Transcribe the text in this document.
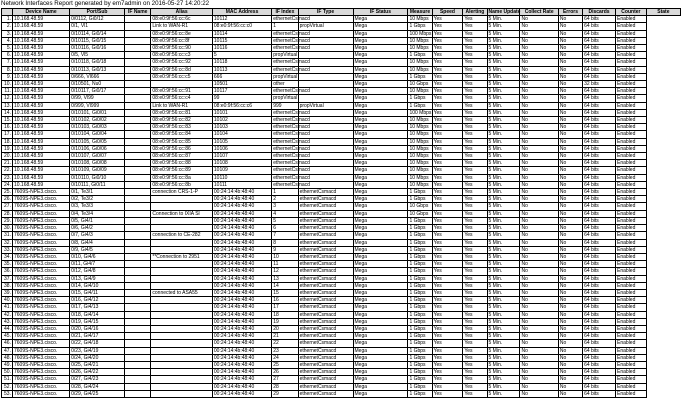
Network Interfaces Report generated by em7admin on 2016-05-27 14:20:22
	Device Name	Port/Sub	IF Name	Alias	MAC Address	IF Index	IF Type	IF Status	Measure	Speed	Alerting	Name Update	Collect Rate	Errors	Discards	Counter	State
1.	10.168.48.59	0/0112, Gi0/12		08:e0:9f:56:cc:6c	10112	ethernetCsmacd		Mega	10 Mbps	Yes	Yes	5 Min.	No	No	64 bits	Enabled	
2.	10.168.48.59	0/1, Vl1		Link to WAN-R1	08:e0:9f:56:cc:c0	1	propVirtual	Mega	1 Gbps	Yes	Yes	5 Min.	No	No	64 bits	Enabled	
3.	10.168.48.59	0/10114, Gi0/14		08:e0:9f:56:cc:8e	10114	ethernetCsmacd		Mega	100 Mbps	Yes	Yes	5 Min.	No	No	64 bits	Enabled	
4.	10.168.48.59	0/10115, Gi0/15		08:e0:9f:56:cc:8f	10115	ethernetCsmacd		Mega	10 Mbps	Yes	Yes	5 Min.	No	No	64 bits	Enabled	
5.	10.168.48.59	0/10116, Gi0/16		08:e0:9f:56:cc:90	10116	ethernetCsmacd		Mega	10 Mbps	Yes	Yes	5 Min.	No	No	64 bits	Enabled	
6.	10.168.48.59	0/5, Vl5		08:e0:9f:56:cc:c3	5	propVirtual		Mega	1 Gbps	Yes	Yes	5 Min.	No	No	64 bits	Enabled	
7.	10.168.48.59	0/10118, Gi0/18		08:e0:9f:56:cc:92	10118	ethernetCsmacd		Mega	10 Mbps	Yes	Yes	5 Min.	No	No	64 bits	Enabled	
8.	10.168.48.59	0/10113, Gi0/13		08:e0:9f:56:cc:8d	10113	ethernetCsmacd		Mega	10 Mbps	Yes	Yes	5 Min.	No	No	64 bits	Enabled	
9.	10.168.48.59	0/666, Vl666		08:e0:9f:56:cc:c5	666	propVirtual		Mega	1 Gbps	Yes	Yes	5 Min.	No	No	64 bits	Enabled	
10.	10.168.48.59	0/10501, Nu0			10501	other		Mega	10 Gbps	Yes	Yes	5 Min.	No	No	32 bits	Enabled	
11.	10.168.48.59	0/10117, Gi0/17		08:e0:9f:56:cc:91	10117	ethernetCsmacd		Mega	10 Mbps	Yes	Yes	5 Min.	No	No	64 bits	Enabled	
12.	10.168.48.59	0/99, Vl99		08:e0:9f:56:cc:c4	99	propVirtual		Mega	1 Gbps	Yes	Yes	5 Min.	No	No	64 bits	Enabled	
13.	10.168.48.59	0/999, Vl999		Link to WAN-R1	08:e0:9f:56:cc:c6	999	propVirtual	Mega	1 Gbps	Yes	Yes	5 Min.	No	No	64 bits	Enabled	
14.	10.168.48.59	0/10101, Gi0/01		08:e0:9f:56:cc:81	10101	ethernetCsmacd		Mega	100 Mbps	Yes	Yes	5 Min.	No	No	64 bits	Enabled	
15.	10.168.48.59	0/10102, Gi0/02		08:e0:9f:56:cc:82	10102	ethernetCsmacd		Mega	10 Mbps	Yes	Yes	5 Min.	No	No	64 bits	Enabled	
16.	10.168.48.59	0/10103, Gi0/03		08:e0:9f:56:cc:83	10103	ethernetCsmacd		Mega	10 Mbps	Yes	Yes	5 Min.	No	No	64 bits	Enabled	
17.	10.168.48.59	0/10104, Gi0/04		08:e0:9f:56:cc:84	10104	ethernetCsmacd		Mega	10 Mbps	Yes	Yes	5 Min.	No	No	64 bits	Enabled	
18.	10.168.48.59	0/10105, Gi0/05		08:e0:9f:56:cc:85	10105	ethernetCsmacd		Mega	10 Mbps	Yes	Yes	5 Min.	No	No	64 bits	Enabled	
19.	10.168.48.59	0/10106, Gi0/06		08:e0:9f:56:cc:86	10106	ethernetCsmacd		Mega	10 Mbps	Yes	Yes	5 Min.	No	No	64 bits	Enabled	
20.	10.168.48.59	0/10107, Gi0/07		08:e0:9f:56:cc:87	10107	ethernetCsmacd		Mega	10 Mbps	Yes	Yes	5 Min.	No	No	64 bits	Enabled	
21.	10.168.48.59	0/10108, Gi0/08		08:e0:9f:56:cc:88	10108	ethernetCsmacd		Mega	10 Mbps	Yes	Yes	5 Min.	No	No	64 bits	Enabled	
22.	10.168.48.59	0/10109, Gi0/09		08:e0:9f:56:cc:89	10109	ethernetCsmacd		Mega	10 Mbps	Yes	Yes	5 Min.	No	No	64 bits	Enabled	
23.	10.168.48.59	0/10110, Gi0/10		08:e0:9f:56:cc:8a	10110	ethernetCsmacd		Mega	10 Mbps	Yes	Yes	5 Min.	No	No	64 bits	Enabled	
24.	10.168.48.59	0/10111, Gi0/11		08:e0:9f:56:cc:8b	10111	ethernetCsmacd		Mega	10 Mbps	Yes	Yes	5 Min.	No	No	64 bits	Enabled	
25.	7609S-NPE3.cisco.	0/1, Te3/1		connection CRS-1-P	00:24:14:4b:48:40	1	ethernetCsmacd	Mega	1 Gbps	Yes	Yes	5 Min.	No	No	64 bits	Enabled	
26.	7609S-NPE3.cisco.	0/2, Te3/2			00:24:14:4b:48:40	2	ethernetCsmacd	Mega	1 Gbps	Yes	Yes	5 Min.	No	No	64 bits	Enabled	
27.	7609S-NPE3.cisco.	0/3, Te3/3			00:24:14:4b:48:40	3	ethernetCsmacd	Mega	10 Gbps	Yes	Yes	5 Min.	No	No	64 bits	Enabled	
28.	7609S-NPE3.cisco.	0/4, Te3/4		Connection to IXIA Sl	00:24:14:4b:48:40	4	ethernetCsmacd	Mega	10 Gbps	Yes	Yes	5 Min.	No	No	64 bits	Enabled	
29.	7609S-NPE3.cisco.	0/5, Gi4/1			00:24:14:4b:48:40	5	ethernetCsmacd	Mega	1 Gbps	Yes	Yes	5 Min.	No	No	64 bits	Enabled	
30.	7609S-NPE3.cisco.	0/6, Gi4/2			00:24:14:4b:48:40	6	ethernetCsmacd	Mega	1 Gbps	Yes	Yes	5 Min.	No	No	64 bits	Enabled	
31.	7609S-NPE3.cisco.	0/7, Gi4/3		connection to CE-282	00:24:14:4b:48:40	7	ethernetCsmacd	Mega	1 Gbps	Yes	Yes	5 Min.	No	No	64 bits	Enabled	
32.	7609S-NPE3.cisco.	0/8, Gi4/4			00:24:14:4b:48:40	8	ethernetCsmacd	Mega	1 Gbps	Yes	Yes	5 Min.	No	No	64 bits	Enabled	
33.	7609S-NPE3.cisco.	0/9, Gi4/5			00:24:14:4b:48:40	9	ethernetCsmacd	Mega	1 Gbps	Yes	Yes	5 Min.	No	No	64 bits	Enabled	
34.	7609S-NPE3.cisco.	0/10, Gi4/6		**Connection to 2951	00:24:14:4b:48:40	10	ethernetCsmacd	Mega	1 Gbps	Yes	Yes	5 Min.	No	No	64 bits	Enabled	
35.	7609S-NPE3.cisco.	0/11, Gi4/7			00:24:14:4b:48:40	11	ethernetCsmacd	Mega	1 Gbps	Yes	Yes	5 Min.	No	No	64 bits	Enabled	
36.	7609S-NPE3.cisco.	0/12, Gi4/8			00:24:14:4b:48:40	12	ethernetCsmacd	Mega	1 Gbps	Yes	Yes	5 Min.	No	No	64 bits	Enabled	
37.	7609S-NPE3.cisco.	0/13, Gi4/9			00:24:14:4b:48:40	13	ethernetCsmacd	Mega	1 Gbps	Yes	Yes	5 Min.	No	No	64 bits	Enabled	
38.	7609S-NPE3.cisco.	0/14, Gi4/10			00:24:14:4b:48:40	14	ethernetCsmacd	Mega	1 Gbps	Yes	Yes	5 Min.	No	No	64 bits	Enabled	
39.	7609S-NPE3.cisco.	0/15, Gi4/11		connected to ASA55	00:24:14:4b:48:40	15	ethernetCsmacd	Mega	1 Gbps	Yes	Yes	5 Min.	No	No	64 bits	Enabled	
40.	7609S-NPE3.cisco.	0/16, Gi4/12			00:24:14:4b:48:40	16	ethernetCsmacd	Mega	1 Gbps	Yes	Yes	5 Min.	No	No	64 bits	Enabled	
41.	7609S-NPE3.cisco.	0/17, Gi4/13			00:24:14:4b:48:40	17	ethernetCsmacd	Mega	1 Gbps	Yes	Yes	5 Min.	No	No	64 bits	Enabled	
42.	7609S-NPE3.cisco.	0/18, Gi4/14			00:24:14:4b:48:40	18	ethernetCsmacd	Mega	1 Gbps	Yes	Yes	5 Min.	No	No	64 bits	Enabled	
43.	7609S-NPE3.cisco.	0/19, Gi4/15			00:24:14:4b:48:40	19	ethernetCsmacd	Mega	1 Gbps	Yes	Yes	5 Min.	No	No	64 bits	Enabled	
44.	7609S-NPE3.cisco.	0/20, Gi4/16			00:24:14:4b:48:40	20	ethernetCsmacd	Mega	1 Gbps	Yes	Yes	5 Min.	No	No	64 bits	Enabled	
45.	7609S-NPE3.cisco.	0/21, Gi4/17			00:24:14:4b:48:40	21	ethernetCsmacd	Mega	1 Gbps	Yes	Yes	5 Min.	No	No	64 bits	Enabled	
46.	7609S-NPE3.cisco.	0/22, Gi4/18			00:24:14:4b:48:40	22	ethernetCsmacd	Mega	1 Gbps	Yes	Yes	5 Min.	No	No	64 bits	Enabled	
47.	7609S-NPE3.cisco.	0/23, Gi4/19			00:24:14:4b:48:40	23	ethernetCsmacd	Mega	1 Gbps	Yes	Yes	5 Min.	No	No	64 bits	Enabled	
48.	7609S-NPE3.cisco.	0/24, Gi4/20			00:24:14:4b:48:40	24	ethernetCsmacd	Mega	1 Gbps	Yes	Yes	5 Min.	No	No	64 bits	Enabled	
49.	7609S-NPE3.cisco.	0/25, Gi4/21			00:24:14:4b:48:40	25	ethernetCsmacd	Mega	1 Gbps	Yes	Yes	5 Min.	No	No	64 bits	Enabled	
50.	7609S-NPE3.cisco.	0/26, Gi4/22			00:24:14:4b:48:40	26	ethernetCsmacd	Mega	1 Gbps	Yes	Yes	5 Min.	No	No	64 bits	Enabled	
51.	7609S-NPE3.cisco.	0/27, Gi4/23			00:24:14:4b:48:40	27	ethernetCsmacd	Mega	1 Gbps	Yes	Yes	5 Min.	No	No	64 bits	Enabled	
52.	7609S-NPE3.cisco.	0/28, Gi4/24			00:24:14:4b:48:40	28	ethernetCsmacd	Mega	1 Gbps	Yes	Yes	5 Min.	No	No	64 bits	Enabled	
53.	7609S-NPE3.cisco.	0/29, Gi4/25			00:24:14:4b:48:40	29	ethernetCsmacd	Mega	1 Gbps	Yes	Yes	5 Min.	No	No	64 bits	Enabled	
